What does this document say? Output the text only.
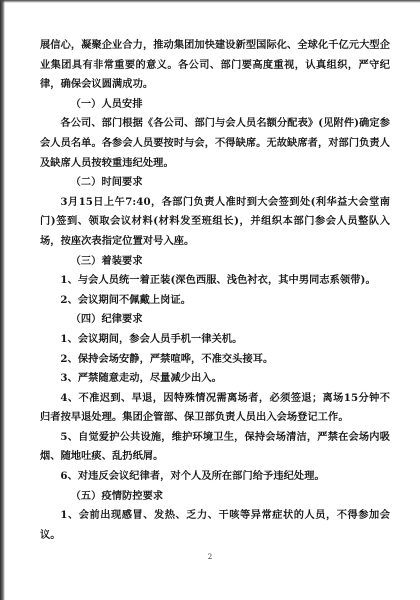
展信心，凝聚企业合力，推动集团加快建设新型国际化、全球化千亿元大型企业集团具有非常重要的意义。各公司、部门要高度重视，认真组织，严守纪律，确保会议圆满成功。

（一）人员安排

各公司、部门根据《各公司、部门与会人员名额分配表》(见附件)确定参会人员名单。各参会人员要按时与会，不得缺席。无故缺席者，对部门负责人及缺席人员按较重违纪处理。

（二）时间要求

3月15日上午7:40，各部门负责人准时到大会签到处(利华益大会堂南门)签到、领取会议材料(材料发至班组长)，并组织本部门参会人员整队入场，按座次表指定位置对号入座。

（三）着装要求

1、与会人员统一着正装(深色西服、浅色衬衣，其中男同志系领带)。

2、会议期间不佩戴上岗证。

（四）纪律要求

1、会议期间，参会人员手机一律关机。

2、保持会场安静，严禁喧哗，不准交头接耳。

3、严禁随意走动，尽量减少出入。

4、不准迟到、早退，因特殊情况需离场者，必须签退；离场15分钟不归者按早退处理。集团企管部、保卫部负责人员出入会场登记工作。

5、自觉爱护公共设施，维护环境卫生，保持会场清洁，严禁在会场内吸烟、随地吐痰、乱扔纸屑。

6、对违反会议纪律者，对个人及所在部门给予违纪处理。

（五）疫情防控要求

1、会前出现感冒、发热、乏力、干咳等异常症状的人员，不得参加会议。

2
